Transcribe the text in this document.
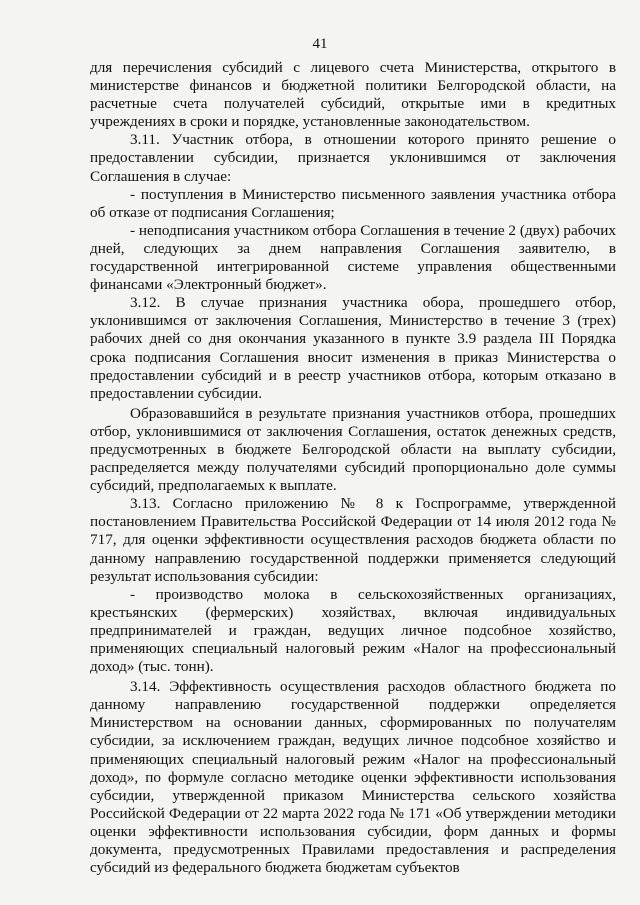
41

для перечисления субсидий с лицевого счета Министерства, открытого в министерстве финансов и бюджетной политики Белгородской области, на расчетные счета получателей субсидий, открытые ими в кредитных учреждениях в сроки и порядке, установленные законодательством.

3.11. Участник отбора, в отношении которого принято решение о предоставлении субсидии, признается уклонившимся от заключения Соглашения в случае:

- поступления в Министерство письменного заявления участника отбора об отказе от подписания Соглашения;

- неподписания участником отбора Соглашения в течение 2 (двух) рабочих дней, следующих за днем направления Соглашения заявителю, в государственной интегрированной системе управления общественными финансами «Электронный бюджет».

3.12. В случае признания участника обора, прошедшего отбор, уклонившимся от заключения Соглашения, Министерство в течение 3 (трех) рабочих дней со дня окончания указанного в пункте 3.9 раздела III Порядка срока подписания Соглашения вносит изменения в приказ Министерства о предоставлении субсидий и в реестр участников отбора, которым отказано в предоставлении субсидии.

Образовавшийся в результате признания участников отбора, прошедших отбор, уклонившимися от заключения Соглашения, остаток денежных средств, предусмотренных в бюджете Белгородской области на выплату субсидии, распределяется между получателями субсидий пропорционально доле суммы субсидий, предполагаемых к выплате.

3.13. Согласно приложению № 8 к Госпрограмме, утвержденной постановлением Правительства Российской Федерации от 14 июля 2012 года № 717, для оценки эффективности осуществления расходов бюджета области по данному направлению государственной поддержки применяется следующий результат использования субсидии:

- производство молока в сельскохозяйственных организациях, крестьянских (фермерских) хозяйствах, включая индивидуальных предпринимателей и граждан, ведущих личное подсобное хозяйство, применяющих специальный налоговый режим «Налог на профессиональный доход» (тыс. тонн).

3.14. Эффективность осуществления расходов областного бюджета по данному направлению государственной поддержки определяется Министерством на основании данных, сформированных по получателям субсидии, за исключением граждан, ведущих личное подсобное хозяйство и применяющих специальный налоговый режим «Налог на профессиональный доход», по формуле согласно методике оценки эффективности использования субсидии, утвержденной приказом Министерства сельского хозяйства Российской Федерации от 22 марта 2022 года № 171 «Об утверждении методики оценки эффективности использования субсидии, форм данных и формы документа, предусмотренных Правилами предоставления и распределения субсидий из федерального бюджета бюджетам субъектов
